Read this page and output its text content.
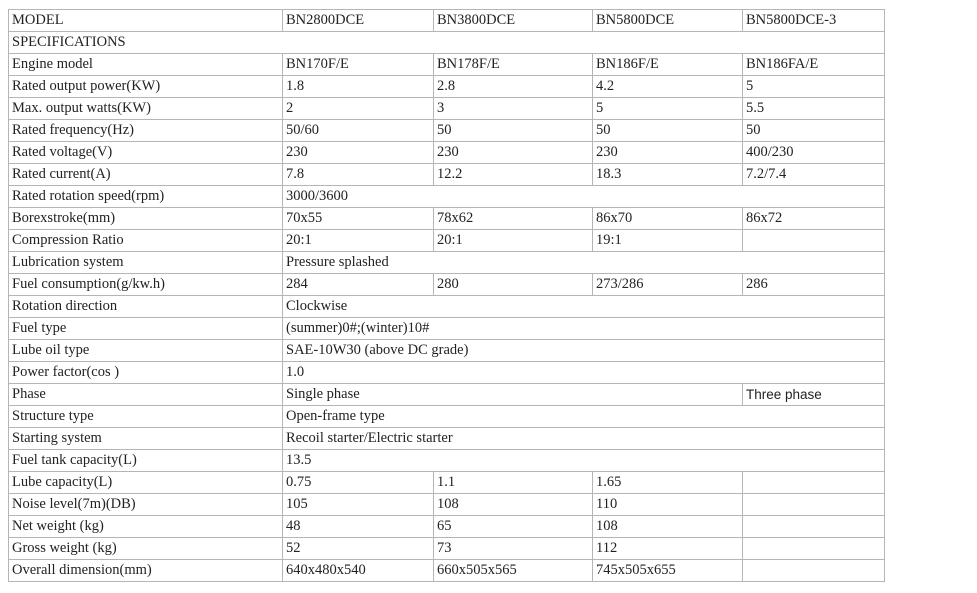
MODEL	BN2800DCE	BN3800DCE	BN5800DCE	BN5800DCE-3
SPECIFICATIONS				
Engine model	BN170F/E	BN178F/E	BN186F/E	BN186FA/E
Rated output power(KW)	1.8	2.8	4.2	5
Max. output watts(KW)	2	3	5	5.5
Rated frequency(Hz)	50/60	50	50	50
Rated voltage(V)	230	230	230	400/230
Rated current(A)	7.8	12.2	18.3	7.2/7.4
Rated rotation speed(rpm)	3000/3600			
Borexstroke(mm)	70x55	78x62	86x70	86x72
Compression Ratio	20:1	20:1	19:1	
Lubrication system	Pressure splashed			
Fuel consumption(g/kw.h)	284	280	273/286	286
Rotation direction	Clockwise			
Fuel type	(summer)0#;(winter)10#			
Lube oil type	SAE-10W30 (above DC grade)			
Power factor(cos )	1.0			
Phase	Single phase			Three phase
Structure type	Open-frame type			
Starting system	Recoil starter/Electric starter			
Fuel tank capacity(L)	13.5			
Lube capacity(L)	0.75	1.1	1.65	
Noise level(7m)(DB)	105	108	110	
Net weight (kg)	48	65	108	
Gross weight (kg)	52	73	112	
Overall dimension(mm)	640x480x540	660x505x565	745x505x655	
